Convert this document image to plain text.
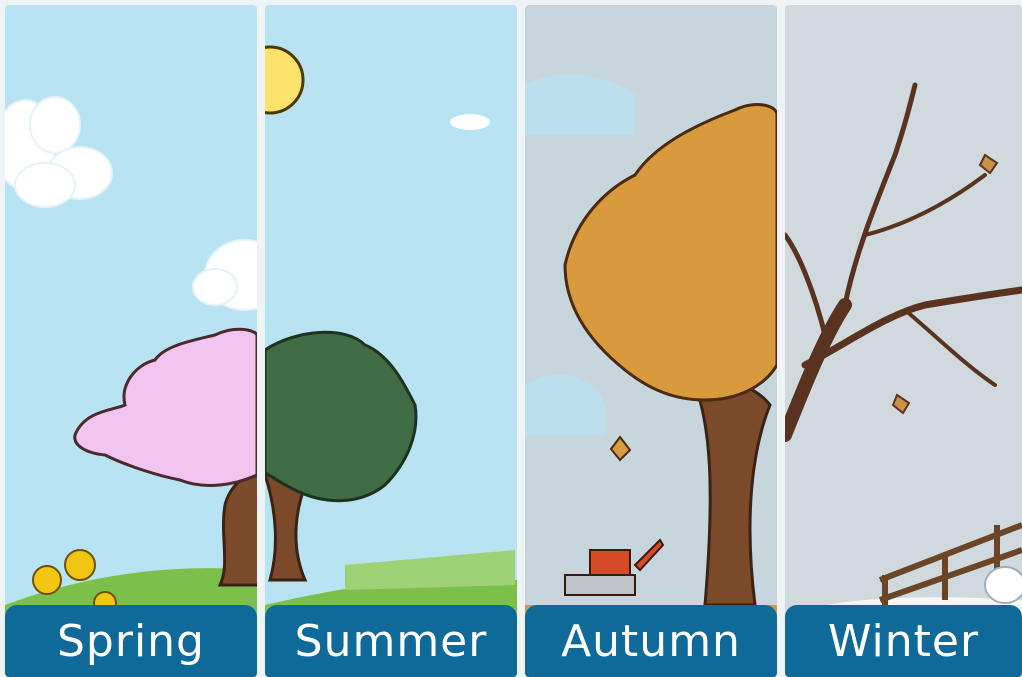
Spring	Summer	Autumn	Winter
